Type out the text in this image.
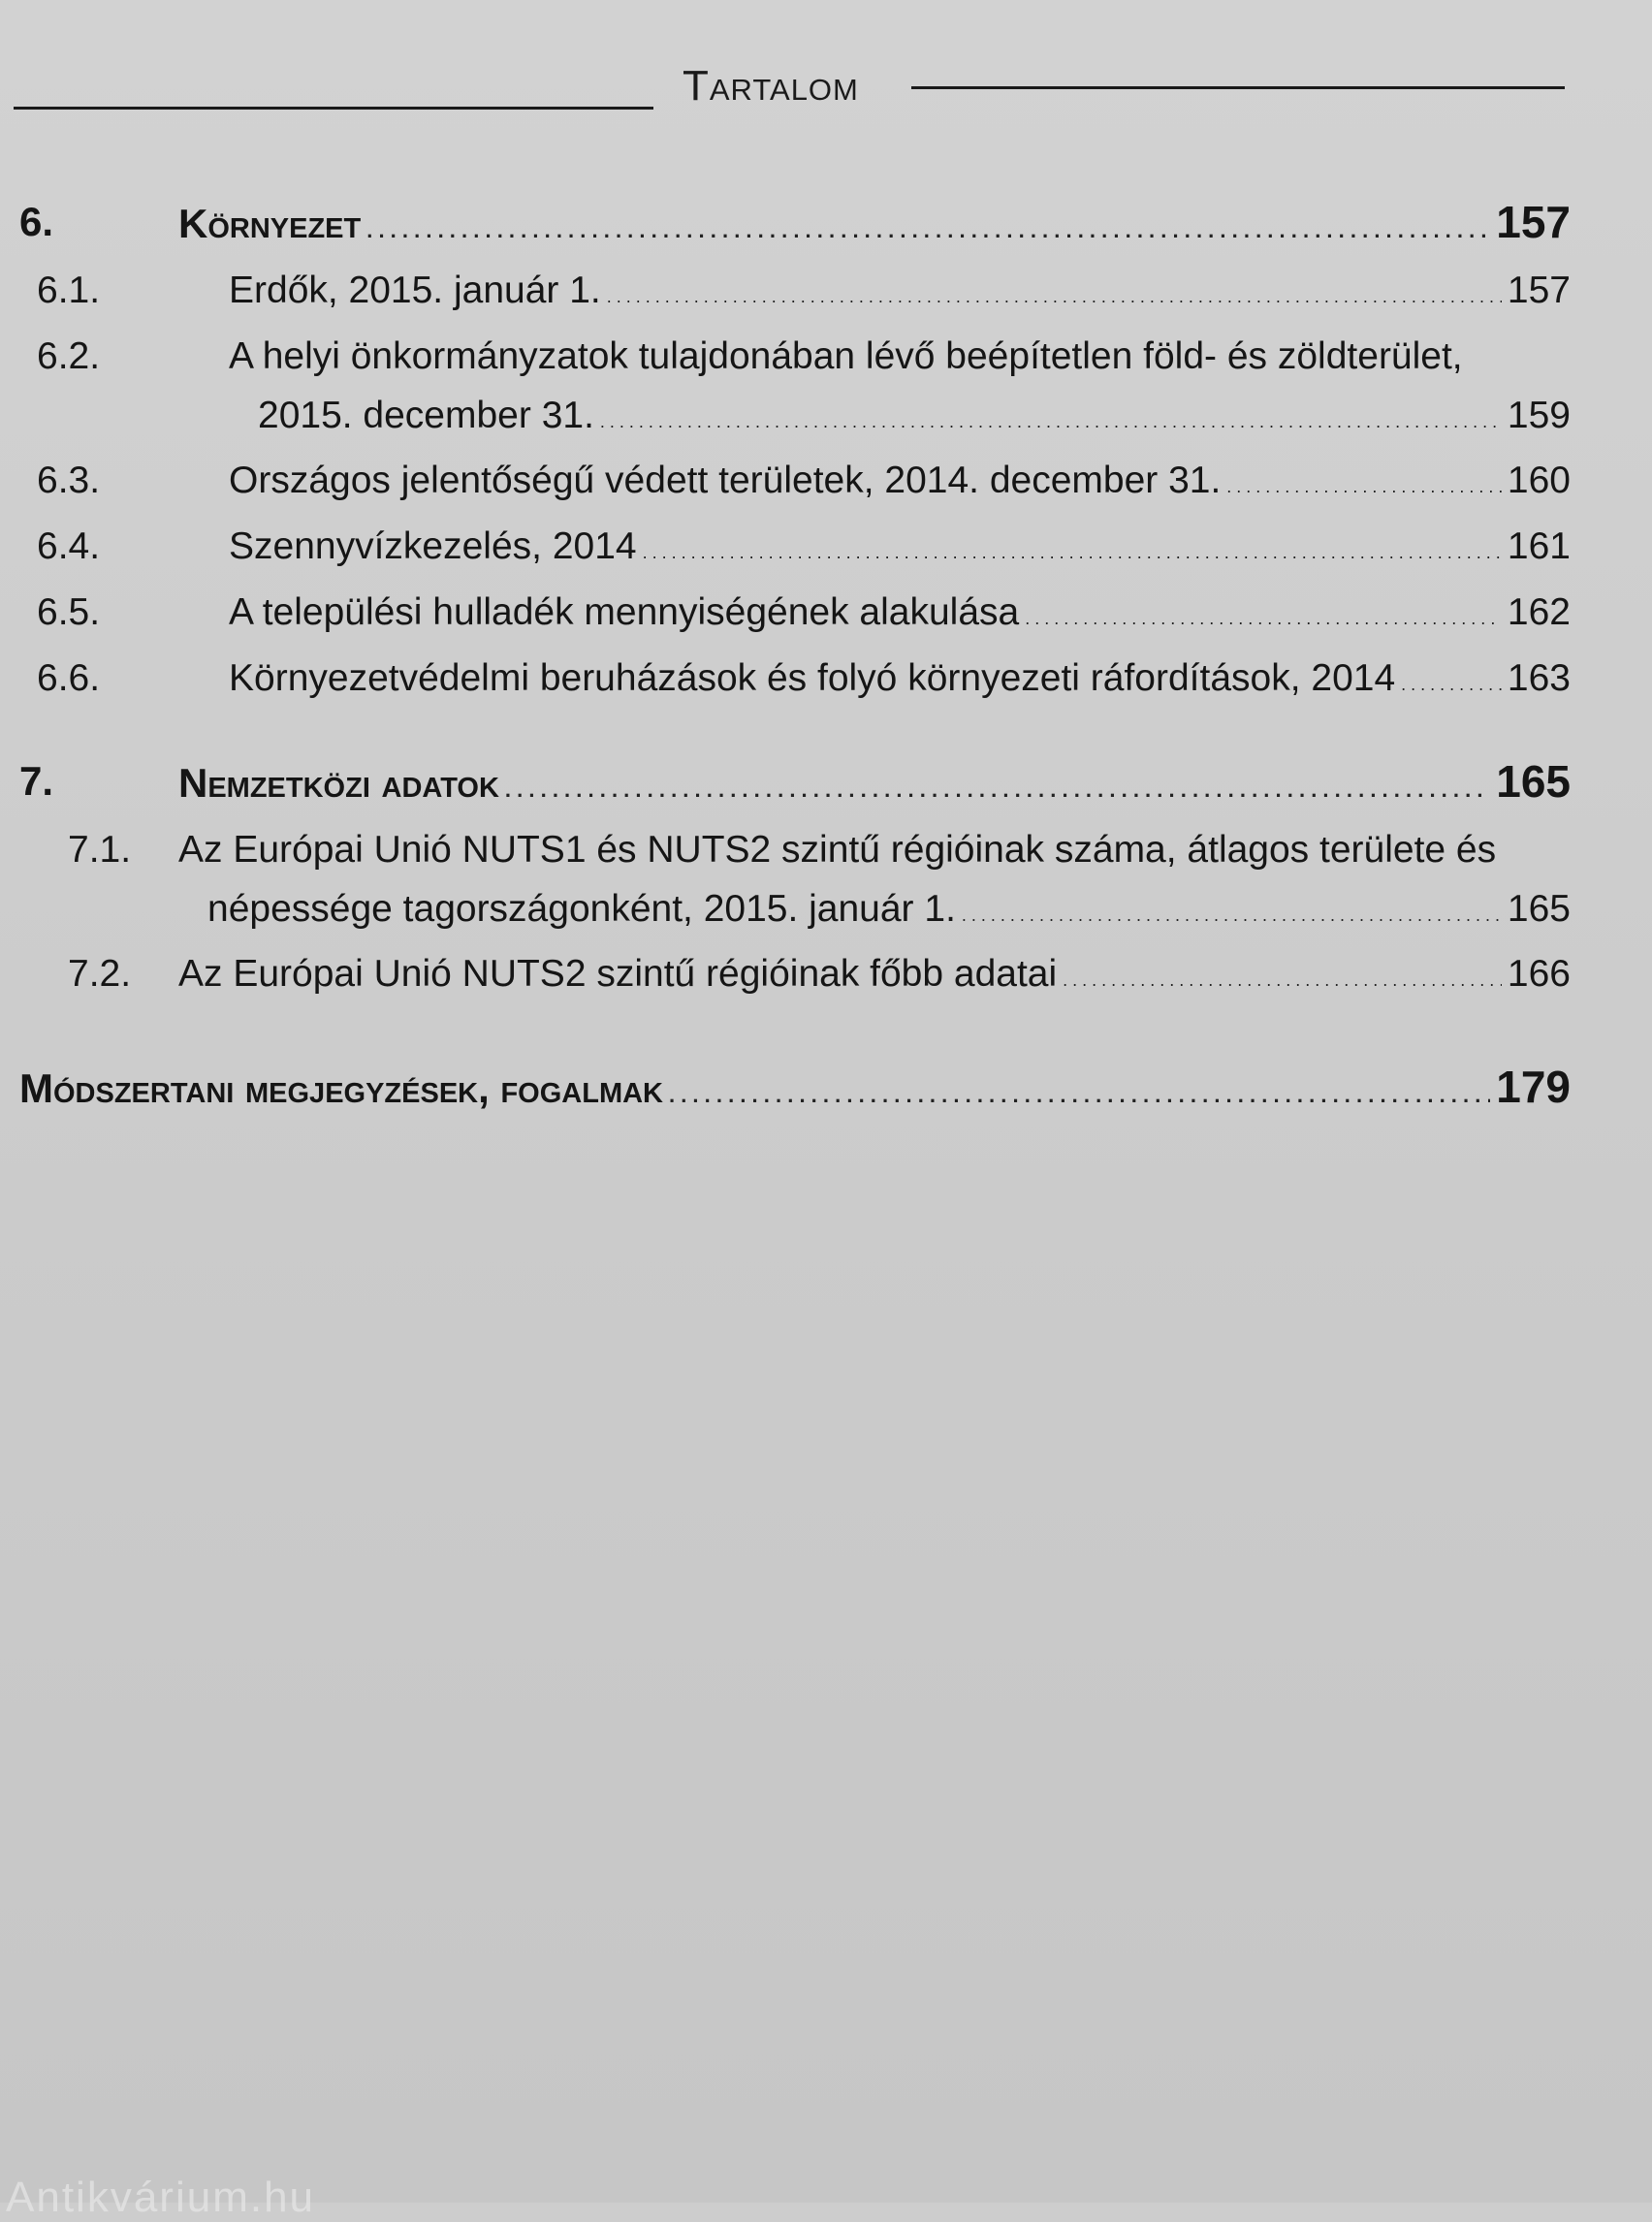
Tartalom
6.	Környezet . . .	157
6.1.	Erdők, 2015. január 1. . . .	157
6.2.	A helyi önkormányzatok tulajdonában lévő beépítetlen föld- és zöldterület,
2015. december 31. . . .	159
6.3.	Országos jelentőségű védett területek, 2014. december 31. . . .	160
6.4.	Szennyvízkezelés, 2014 . . .	161
6.5.	A települési hulladék mennyiségének alakulása . . .	162
6.6.	Környezetvédelmi beruházások és folyó környezeti ráfordítások, 2014 . . .	163
7.	Nemzetközi adatok . . .	165
7.1. Az Európai Unió NUTS1 és NUTS2 szintű régióinak száma, átlagos területe és
népessége tagországonként, 2015. január 1. . . .	165
7.2. Az Európai Unió NUTS2 szintű régióinak főbb adatai . . .	166
Módszertani megjegyzések, fogalmak . . .	179
Antikvárium.hu
